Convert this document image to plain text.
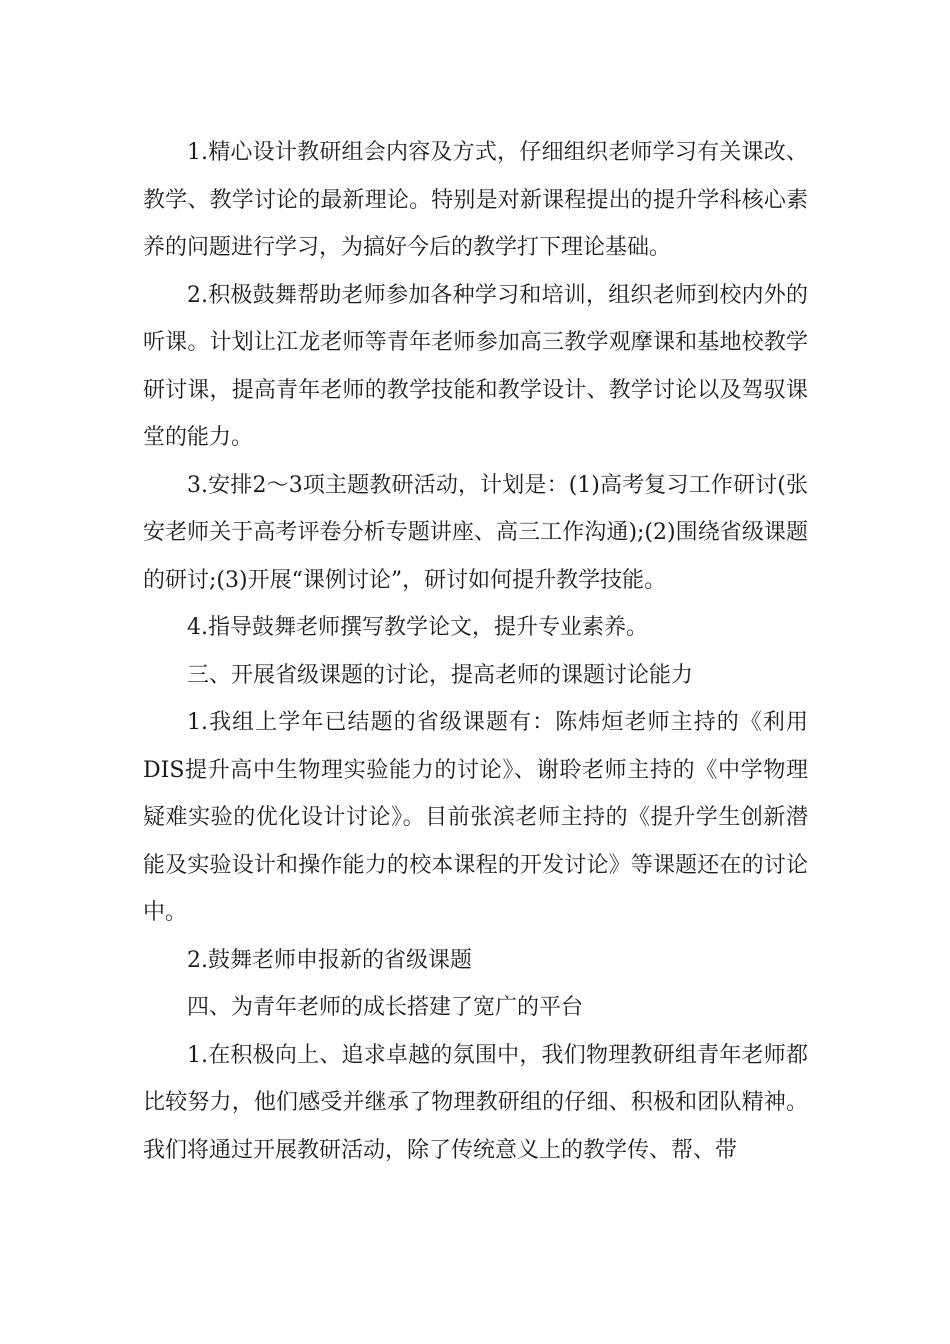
1.精心设计教研组会内容及方式，仔细组织老师学习有关课改、教学、教学讨论的最新理论。特别是对新课程提出的提升学科核心素养的问题进行学习，为搞好今后的教学打下理论基础。

2.积极鼓舞帮助老师参加各种学习和培训，组织老师到校内外的听课。计划让江龙老师等青年老师参加高三教学观摩课和基地校教学研讨课，提高青年老师的教学技能和教学设计、教学讨论以及驾驭课堂的能力。

3.安排2～3项主题教研活动，计划是：(1)高考复习工作研讨(张安老师关于高考评卷分析专题讲座、高三工作沟通);(2)围绕省级课题的研讨;(3)开展“课例讨论”，研讨如何提升教学技能。

4.指导鼓舞老师撰写教学论文，提升专业素养。

三、开展省级课题的讨论，提高老师的课题讨论能力

1.我组上学年已结题的省级课题有：陈炜烜老师主持的《利用DIS提升高中生物理实验能力的讨论》、谢聆老师主持的《中学物理疑难实验的优化设计讨论》。目前张滨老师主持的《提升学生创新潜能及实验设计和操作能力的校本课程的开发讨论》等课题还在的讨论中。

2.鼓舞老师申报新的省级课题

四、为青年老师的成长搭建了宽广的平台

1.在积极向上、追求卓越的氛围中，我们物理教研组青年老师都比较努力，他们感受并继承了物理教研组的仔细、积极和团队精神。我们将通过开展教研活动，除了传统意义上的教学传、帮、带
